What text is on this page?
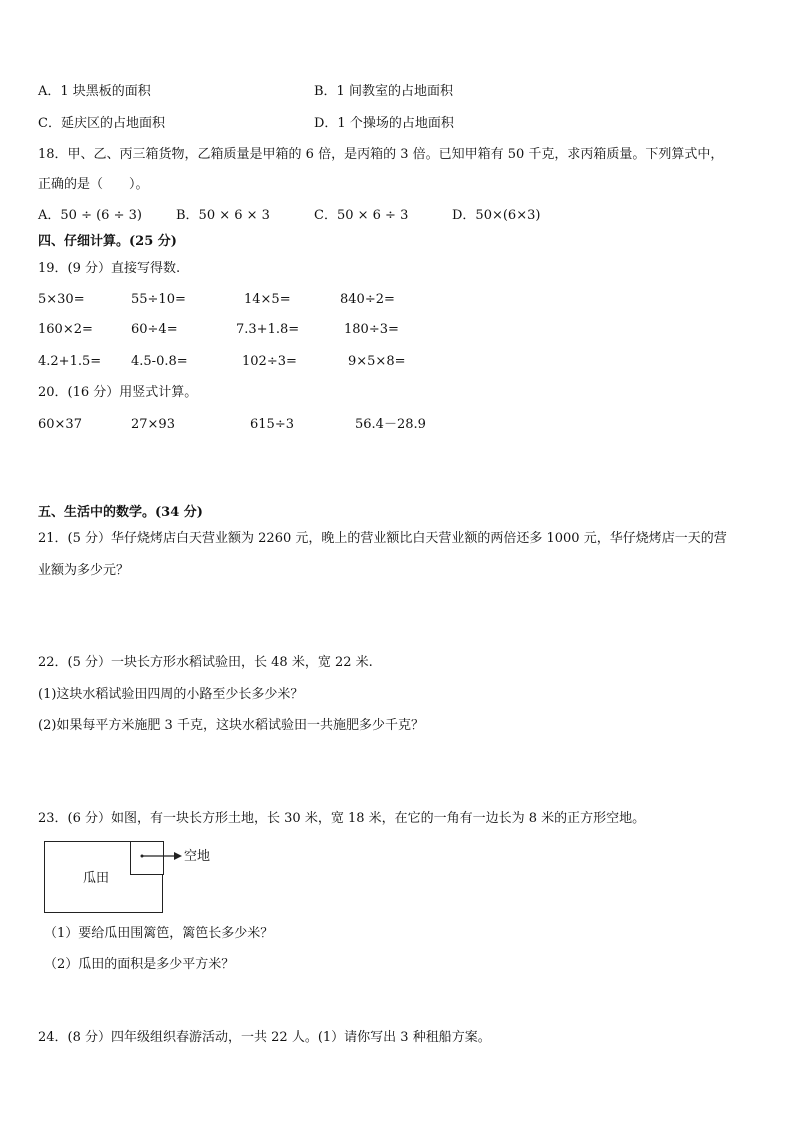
A．1 块黑板的面积	B．1 间教室的占地面积
C．延庆区的占地面积	D．1 个操场的占地面积
18．甲、乙、丙三箱货物，乙箱质量是甲箱的 6 倍，是丙箱的 3 倍。已知甲箱有 50 千克，求丙箱质量。下列算式中，
正确的是（　　）。
A．50 ÷ (6 ÷ 3)	B．50 × 6 × 3	C．50 × 6 ÷ 3	D．50×(6×3)
四、仔细计算。(25 分)
19．(9 分）直接写得数.
5×30=	55÷10=	14×5=	840÷2=
160×2=	60÷4=	7.3+1.8=	180÷3=
4.2+1.5= 4.5-0.8=	102÷3=	9×5×8=
20．(16 分）用竖式计算。
60×37	27×93	615÷3	56.4－28.9
五、生活中的数学。(34 分)
21．(5 分）华仔烧烤店白天营业额为 2260 元，晚上的营业额比白天营业额的两倍还多 1000 元，华仔烧烤店一天的营
业额为多少元？
22．(5 分）一块长方形水稻试验田，长 48 米，宽 22 米.
(1)这块水稻试验田四周的小路至少长多少米？
(2)如果每平方米施肥 3 千克，这块水稻试验田一共施肥多少千克？
23．(6 分）如图，有一块长方形土地，长 30 米，宽 18 米，在它的一角有一边长为 8 米的正方形空地。
瓜田
空地
（1）要给瓜田围篱笆，篱笆长多少米？
（2）瓜田的面积是多少平方米？
24．(8 分）四年级组织春游活动，一共 22 人。(1）请你写出 3 种租船方案。
